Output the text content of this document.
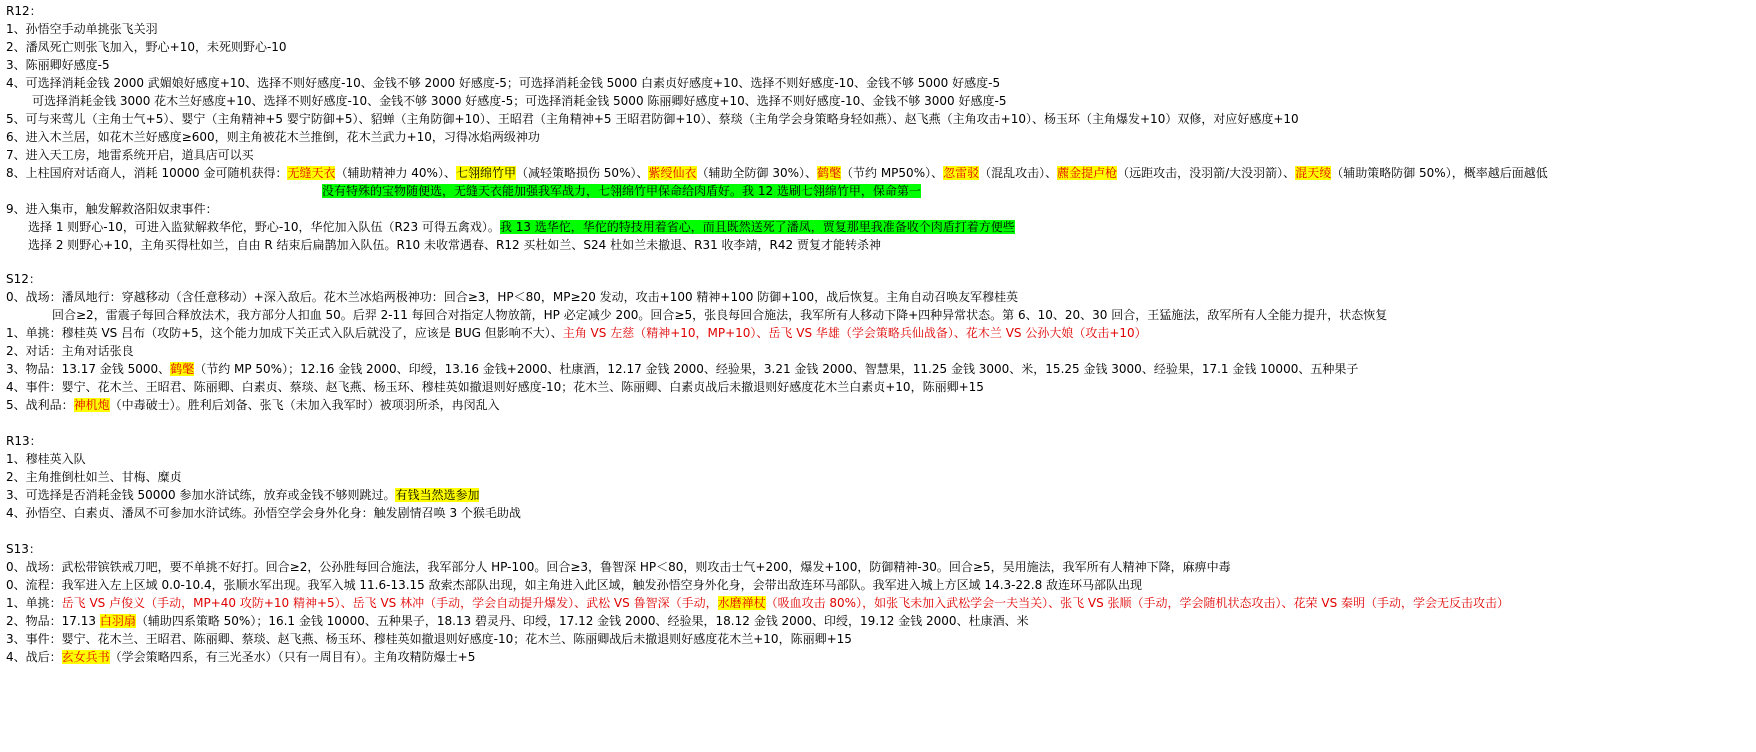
R12：
1、孙悟空手动单挑张飞关羽
2、潘凤死亡则张飞加入，野心+10，未死则野心-10
3、陈丽卿好感度-5
4、可选择消耗金钱 2000 武媚娘好感度+10、选择不则好感度-10、金钱不够 2000 好感度-5；可选择消耗金钱 5000 白素贞好感度+10、选择不则好感度-10、金钱不够 5000 好感度-5
可选择消耗金钱 3000 花木兰好感度+10、选择不则好感度-10、金钱不够 3000 好感度-5；可选择消耗金钱 5000 陈丽卿好感度+10、选择不则好感度-10、金钱不够 3000 好感度-5
5、可与来莺儿（主角士气+5）、婴宁（主角精神+5 婴宁防御+5）、貂蝉（主角防御+10）、王昭君（主角精神+5 王昭君防御+10）、蔡琰（主角学会身策略身轻如燕）、赵飞燕（主角攻击+10）、杨玉环（主角爆发+10）双修，对应好感度+10
6、进入木兰居，如花木兰好感度≥600，则主角被花木兰推倒，花木兰武力+10，习得冰焰两级神功
7、进入天工房，地雷系统开启，道具店可以买
8、上柱国府对话商人，消耗 10000 金可随机获得：无缝天衣（辅助精神力 40%）、七翎绵竹甲（减轻策略损伤 50%）、紫绶仙衣（辅助全防御 30%）、鹤氅（节约 MP50%）、忽雷驳（混乱攻击）、藨金提卢枪（远距攻击，没羽箭/大没羽箭）、混天绫（辅助策略防御 50%），概率越后面越低
没有特殊的宝物随便选，无缝天衣能加强我军战力，七翎绵竹甲保命给肉盾好。我 12 选刷七翎绵竹甲，保命第一
9、进入集市，触发解救洛阳奴隶事件：
选择 1 则野心-10，可进入监狱解救华佗，野心-10，华佗加入队伍（R23 可得五禽戏）。我 13 选华佗，华佗的特技用着省心，而且既然送死了潘凤，贾复那里我准备收个肉盾打着方便些
选择 2 则野心+10，主角买得杜如兰，自由 R 结束后扁鹊加入队伍。R10 未收常遇春、R12 买杜如兰、S24 杜如兰未撤退、R31 收李靖，R42 贾复才能转杀神
S12：
0、战场：潘凤地行：穿越移动（含任意移动）+深入敌后。花木兰冰焰两极神功：回合≥3，HP＜80，MP≥20 发动，攻击+100 精神+100 防御+100，战后恢复。主角自动召唤友军穆桂英
回合≥2，雷震子每回合释放法术，我方部分人扣血 50。后羿 2-11 每回合对指定人物放箭，HP 必定减少 200。回合≥5，张良每回合施法，我军所有人移动下降+四种异常状态。第 6、10、20、30 回合，王猛施法，敌军所有人全能力提升，状态恢复
1、单挑：穆桂英 VS 吕布（攻防+5，这个能力加成下关正式入队后就没了，应该是 BUG 但影响不大）、主角 VS 左慈（精神+10，MP+10）、岳飞 VS 华雄（学会策略兵仙战备）、花木兰 VS 公孙大娘（攻击+10）
2、对话：主角对话张良
3、物品：13.17 金钱 5000、鹤氅（节约 MP 50%）；12.16 金钱 2000、印绶，13.16 金钱+2000、杜康酒，12.17 金钱 2000、经验果，3.21 金钱 2000、智慧果，11.25 金钱 3000、米，15.25 金钱 3000、经验果，17.1 金钱 10000、五种果子
4、事件：婴宁、花木兰、王昭君、陈丽卿、白素贞、蔡琰、赵飞燕、杨玉环、穆桂英如撤退则好感度-10；花木兰、陈丽卿、白素贞战后未撤退则好感度花木兰白素贞+10，陈丽卿+15
5、战利品：神机炮（中毒破士）。胜利后刘备、张飞（未加入我军时）被项羽所杀，冉闵乱入
R13：
1、穆桂英入队
2、主角推倒杜如兰、甘梅、糜贞
3、可选择是否消耗金钱 50000 参加水浒试练，放弃或金钱不够则跳过。有钱当然选参加
4、孙悟空、白素贞、潘凤不可参加水浒试练。孙悟空学会身外化身：触发剧情召唤 3 个猴毛助战
S13：
0、战场：武松带镔铁戒刀吧，要不单挑不好打。回合≥2，公孙胜每回合施法，我军部分人 HP-100。回合≥3，鲁智深 HP＜80，则攻击士气+200，爆发+100，防御精神-30。回合≥5，吴用施法，我军所有人精神下降，麻痹中毒
0、流程：我军进入左上区域 0.0-10.4，张顺水军出现。我军入城 11.6-13.15 敌索杰部队出现，如主角进入此区域，触发孙悟空身外化身，会带出敌连环马部队。我军进入城上方区域 14.3-22.8 敌连环马部队出现
1、单挑：岳飞 VS 卢俊义（手动，MP+40 攻防+10 精神+5）、岳飞 VS 林冲（手动，学会自动提升爆发）、武松 VS 鲁智深（手动，水磨禅杖（吸血攻击 80%），如张飞未加入武松学会一夫当关）、张飞 VS 张顺（手动，学会随机状态攻击）、花荣 VS 秦明（手动，学会无反击攻击）
2、物品：17.13 白羽扇（辅助四系策略 50%）；16.1 金钱 10000、五种果子，18.13 碧灵丹、印绶，17.12 金钱 2000、经验果，18.12 金钱 2000、印绶，19.12 金钱 2000、杜康酒、米
3、事件：婴宁、花木兰、王昭君、陈丽卿、蔡琰、赵飞燕、杨玉环、穆桂英如撤退则好感度-10；花木兰、陈丽卿战后未撤退则好感度花木兰+10，陈丽卿+15
4、战后：玄女兵书（学会策略四系，有三光圣水）（只有一周目有）。主角攻精防爆士+5
